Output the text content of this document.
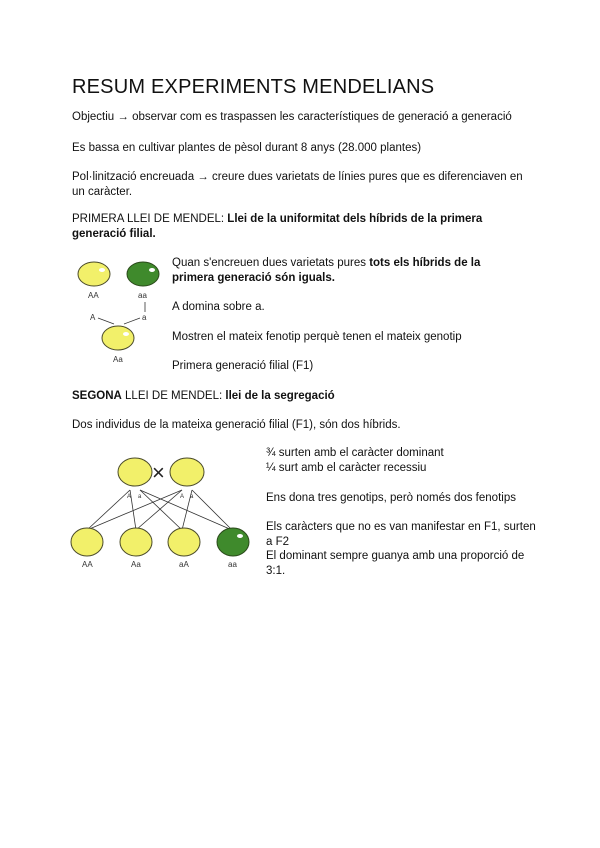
RESUM EXPERIMENTS MENDELIANS
Objectiu → observar com es traspassen les característiques de generació a generació
Es bassa en cultivar plantes de pèsol durant 8 anys (28.000 plantes)
Pol·linització encreuada → creure dues varietats de línies pures que es diferenciaven en un caràcter.
PRIMERA LLEI DE MENDEL: Llei de la uniformitat dels híbrids de la primera generació filial.
AA	aa
A	a
Aa
Quan s'encreuen dues varietats pures tots els híbrids de la primera generació són iguals.
A domina sobre a.
Mostren el mateix fenotip perquè tenen el mateix genotip
Primera generació filial (F1)
SEGONA LLEI DE MENDEL: llei de la segregació
Dos individus de la mateixa generació filial (F1), són dos híbrids.
×
A a	A a
AA	Aa	aA	aa
¾ surten amb el caràcter dominant
¼ surt amb el caràcter recessiu
Ens dona tres genotips, però només dos fenotips
Els caràcters que no es van manifestar en F1, surten a F2
El dominant sempre guanya amb una proporció de 3:1.
